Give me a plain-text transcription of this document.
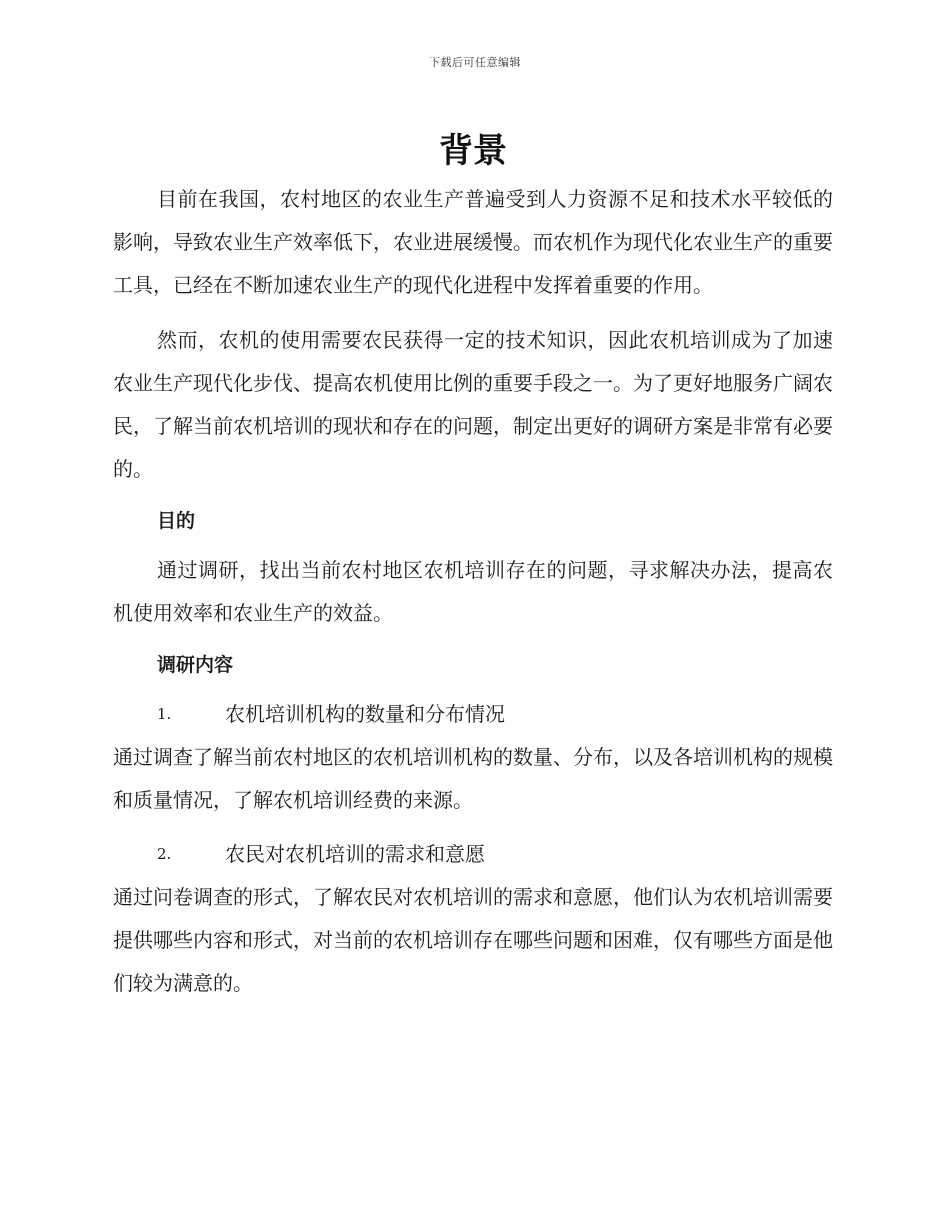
下载后可任意编辑
背景

目前在我国，农村地区的农业生产普遍受到人力资源不足和技术水平较低的影响，导致农业生产效率低下，农业进展缓慢。而农机作为现代化农业生产的重要工具，已经在不断加速农业生产的现代化进程中发挥着重要的作用。

然而，农机的使用需要农民获得一定的技术知识，因此农机培训成为了加速农业生产现代化步伐、提高农机使用比例的重要手段之一。为了更好地服务广阔农民，了解当前农机培训的现状和存在的问题，制定出更好的调研方案是非常有必要的。

目的

通过调研，找出当前农村地区农机培训存在的问题，寻求解决办法，提高农机使用效率和农业生产的效益。

调研内容
1.	农机培训机构的数量和分布情况

通过调查了解当前农村地区的农机培训机构的数量、分布，以及各培训机构的规模和质量情况，了解农机培训经费的来源。

2.	农民对农机培训的需求和意愿

通过问卷调查的形式，了解农民对农机培训的需求和意愿，他们认为农机培训需要提供哪些内容和形式，对当前的农机培训存在哪些问题和困难，仅有哪些方面是他们较为满意的。
